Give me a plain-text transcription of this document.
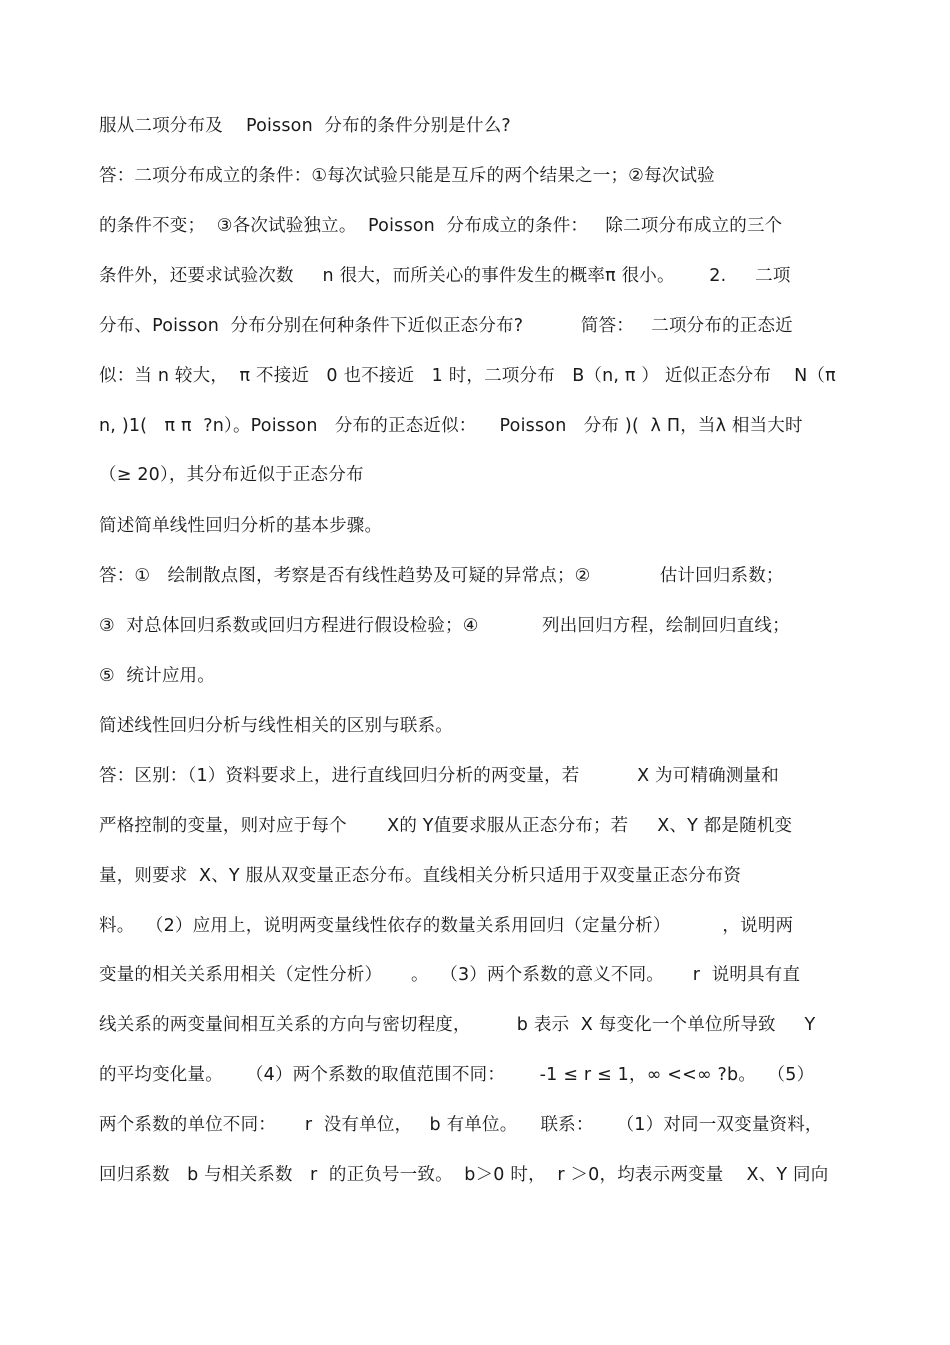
服从二项分布及    Poisson  分布的条件分别是什么?
答：二项分布成立的条件：①每次试验只能是互斥的两个结果之一；②每次试验
的条件不变；  ③各次试验独立。  Poisson  分布成立的条件：   除二项分布成立的三个
条件外，还要求试验次数     n 很大，而所关心的事件发生的概率π 很小。      2.     二项
分布、Poisson  分布分别在何种条件下近似正态分布?          简答：   二项分布的正态近
似：当 n 较大，  π 不接近   0 也不接近   1 时，二项分布   B（n, π ） 近似正态分布    N（π
n, )1(   π π  ?n）。Poisson   分布的正态近似：    Poisson   分布 )(  λ Π，当λ 相当大时
（≥ 20），其分布近似于正态分布
简述简单线性回归分析的基本步骤。
答：①   绘制散点图，考察是否有线性趋势及可疑的异常点；②            估计回归系数；
③  对总体回归系数或回归方程进行假设检验；④           列出回归方程，绘制回归直线；
⑤  统计应用。
简述线性回归分析与线性相关的区别与联系。
答：区别：（1）资料要求上，进行直线回归分析的两变量，若          X 为可精确测量和
严格控制的变量，则对应于每个       X的 Y值要求服从正态分布；若     X、Y 都是随机变
量，则要求  X、Y 服从双变量正态分布。直线相关分析只适用于双变量正态分布资
料。  （2）应用上，说明两变量线性依存的数量关系用回归（定量分析）         ，说明两
变量的相关关系用相关（定性分析）     。  （3）两个系数的意义不同。     r  说明具有直
线关系的两变量间相互关系的方向与密切程度，        b 表示  X 每变化一个单位所导致     Y
的平均变化量。    （4）两个系数的取值范围不同：      -1 ≤ r ≤ 1，∞ <<∞ ?b。  （5）
两个系数的单位不同：     r  没有单位，   b 有单位。    联系：    （1）对同一双变量资料，
回归系数   b 与相关系数   r  的正负号一致。  b＞0 时，  r ＞0，均表示两变量    X、Y 同向
